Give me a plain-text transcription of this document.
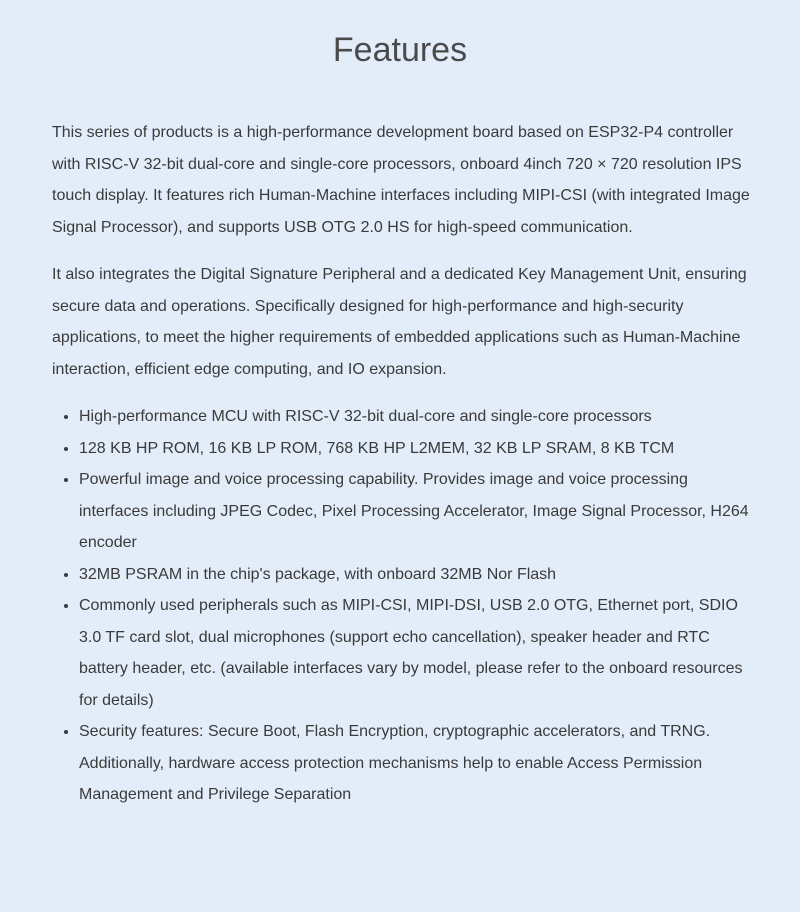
Features

This series of products is a high-performance development board based on ESP32-P4 controller with RISC-V 32-bit dual-core and single-core processors, onboard 4inch 720 × 720 resolution IPS touch display. It features rich Human-Machine interfaces including MIPI-CSI (with integrated Image Signal Processor), and supports USB OTG 2.0 HS for high-speed communication.

It also integrates the Digital Signature Peripheral and a dedicated Key Management Unit, ensuring secure data and operations. Specifically designed for high-performance and high-security applications, to meet the higher requirements of embedded applications such as Human-Machine interaction, efficient edge computing, and IO expansion.

• High-performance MCU with RISC-V 32-bit dual-core and single-core processors
• 128 KB HP ROM, 16 KB LP ROM, 768 KB HP L2MEM, 32 KB LP SRAM, 8 KB TCM
• Powerful image and voice processing capability. Provides image and voice processing interfaces including JPEG Codec, Pixel Processing Accelerator, Image Signal Processor, H264 encoder
• 32MB PSRAM in the chip's package, with onboard 32MB Nor Flash
• Commonly used peripherals such as MIPI-CSI, MIPI-DSI, USB 2.0 OTG, Ethernet port, SDIO 3.0 TF card slot, dual microphones (support echo cancellation), speaker header and RTC battery header, etc. (available interfaces vary by model, please refer to the onboard resources for details)
• Security features: Secure Boot, Flash Encryption, cryptographic accelerators, and TRNG. Additionally, hardware access protection mechanisms help to enable Access Permission Management and Privilege Separation
